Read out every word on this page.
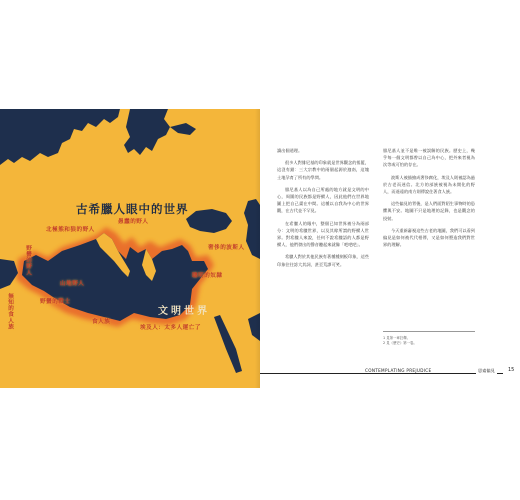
古希臘人眼中的世界
文明世界
北極熊和狼的野人
愚蠢的野人
野蠻的野人
山地野人
奢侈的波斯人
聰明的奴隸
野蠻的戰士
無知的食人族	食人族
埃及人：太多人運亡了

讀出個道理。

很多人對腓尼基的印象就是世界觀念的搖籃，這沒有錯：三大宗教中的兩個起源於迦南，這塊土地孕育了所有的學問。

腓尼基人以為自己所處的地方就是文明的中心，周圍的民族都是野蠻人，因此他們在世界地圖上把自己畫在中間。這種以自我為中心的世界觀，在古代並不罕見。

在希臘人的眼中，整個已知世界被分為兩部分：文明的希臘世界，以及其餘所謂的野蠻人世界。對希臘人來說，任何不說希臘語的人都是野蠻人，他們發出的聲音聽起來就像「吧吧吧」。

希臘人對於其他民族有著種種刻板印象，這些印象往往誇大其詞，甚至荒謬可笑。

腓尼基人並不是唯一被誤解的民族。歷史上，幾乎每一個文明都曾以自己為中心，把外來者視為次等或可怕的存在。

波斯人被描繪成奢侈腐化，埃及人則被認為過於古老而迷信。北方的部族被視為未開化的野人，而遙遠的南方則傳說住著食人族。

這些偏見的背後，是人們面對陌生事物時的恐懼與不安。地圖不只是地理的記錄，也是觀念的投射。

今天重新審視這些古老的地圖，我們可以看到偏見是如何被代代相傳，又是如何塑造我們對世界的理解。

1 見第一章註釋。
2 見《歷史》第一卷。
CONTEMPLATING PREJUDICE	思索偏見	15
